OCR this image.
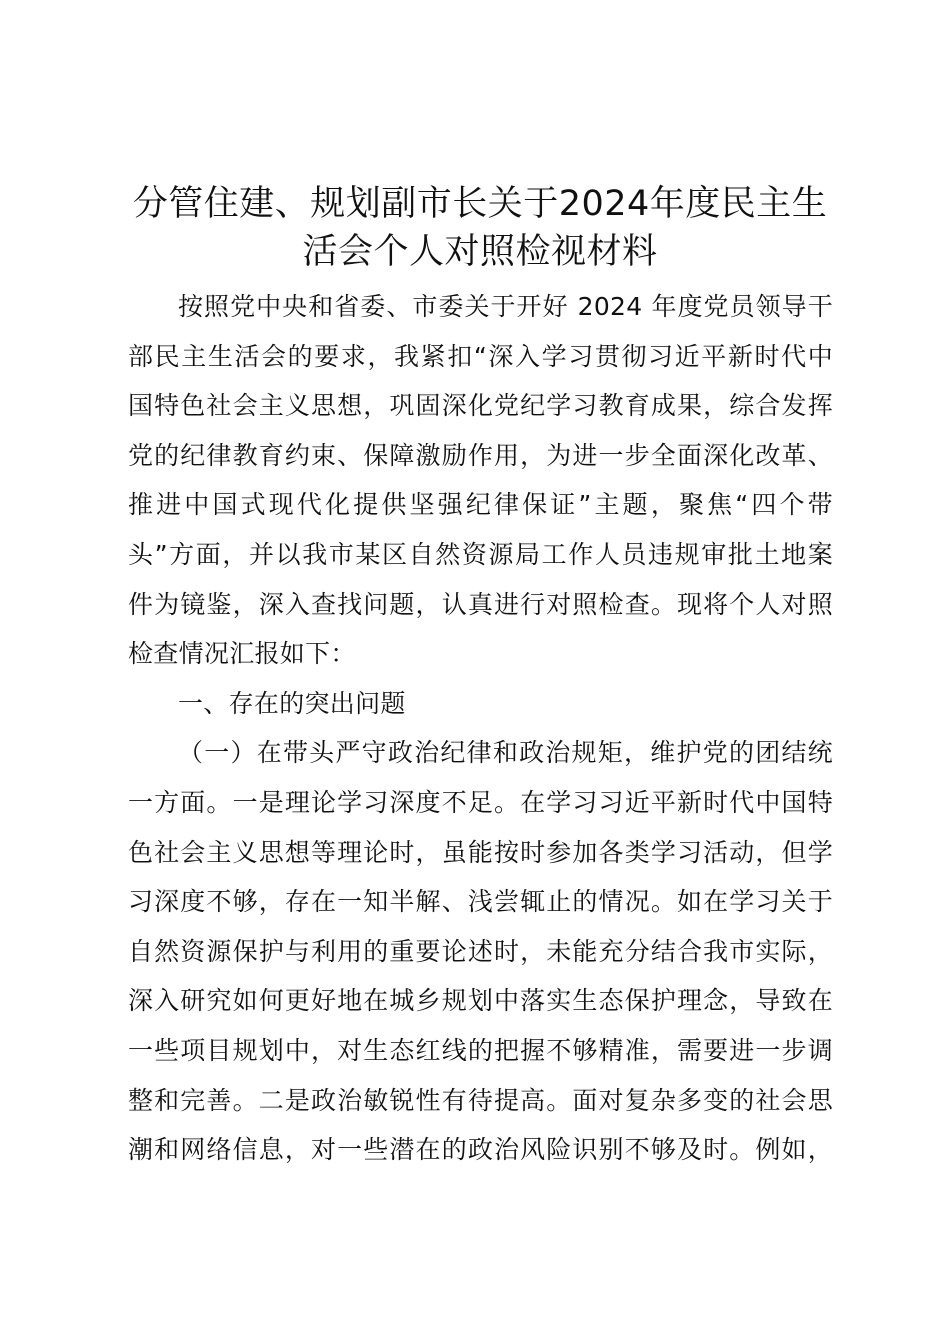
分管住建、规划副市长关于2024年度民主生
活会个人对照检视材料
按照党中央和省委、市委关于开好 2024 年度党员领导干
部民主生活会的要求，我紧扣“深入学习贯彻习近平新时代中
国特色社会主义思想，巩固深化党纪学习教育成果，综合发挥
党的纪律教育约束、保障激励作用，为进一步全面深化改革、
推进中国式现代化提供坚强纪律保证”主题，聚焦“四个带
头”方面，并以我市某区自然资源局工作人员违规审批土地案
件为镜鉴，深入查找问题，认真进行对照检查。现将个人对照
检查情况汇报如下：
一、存在的突出问题
（一）在带头严守政治纪律和政治规矩，维护党的团结统
一方面。一是理论学习深度不足。在学习习近平新时代中国特
色社会主义思想等理论时，虽能按时参加各类学习活动，但学
习深度不够，存在一知半解、浅尝辄止的情况。如在学习关于
自然资源保护与利用的重要论述时，未能充分结合我市实际，
深入研究如何更好地在城乡规划中落实生态保护理念，导致在
一些项目规划中，对生态红线的把握不够精准，需要进一步调
整和完善。二是政治敏锐性有待提高。面对复杂多变的社会思
潮和网络信息，对一些潜在的政治风险识别不够及时。例如，
